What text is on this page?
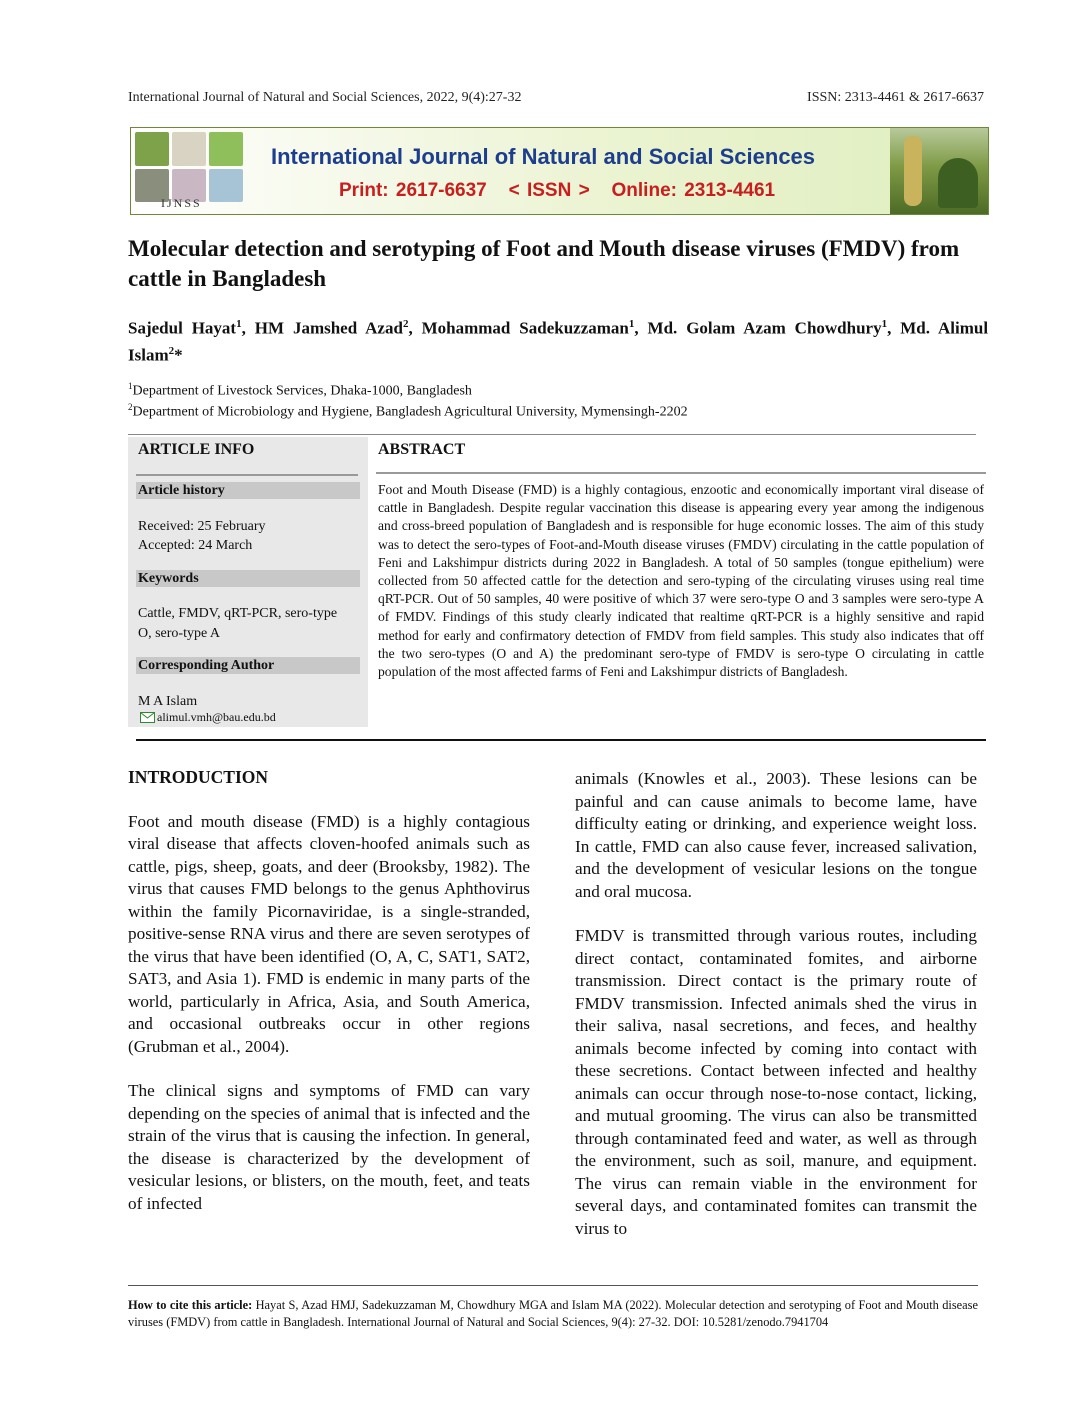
International Journal of Natural and Social Sciences, 2022, 9(4):27-32	ISSN: 2313-4461 & 2617-6637
IJNSS
International Journal of Natural and Social Sciences
Print: 2617-6637   < ISSN >   Online: 2313-4461
Molecular detection and serotyping of Foot and Mouth disease viruses (FMDV) from cattle in Bangladesh
Sajedul Hayat$^1$, HM Jamshed Azad$^2$, Mohammad Sadekuzzaman$^1$, Md. Golam Azam Chowdhury$^1$, Md. Alimul Islam$^2$*
$^1$Department of Livestock Services, Dhaka-1000, Bangladesh
$^2$Department of Microbiology and Hygiene, Bangladesh Agricultural University, Mymensingh-2202
ARTICLE INFO
Article history
Received: 25 February
Accepted: 24 March
Keywords
Cattle, FMDV, qRT-PCR, sero-type O, sero-type A
Corresponding Author
M A Islam
alimul.vmh@bau.edu.bd
ABSTRACT
Foot and Mouth Disease (FMD) is a highly contagious, enzootic and economically important viral disease of cattle in Bangladesh. Despite regular vaccination this disease is appearing every year among the indigenous and cross-breed population of Bangladesh and is responsible for huge economic losses. The aim of this study was to detect the sero-types of Foot-and-Mouth disease viruses (FMDV) circulating in the cattle population of Feni and Lakshimpur districts during 2022 in Bangladesh. A total of 50 samples (tongue epithelium) were collected from 50 affected cattle for the detection and sero-typing of the circulating viruses using real time qRT-PCR. Out of 50 samples, 40 were positive of which 37 were sero-type O and 3 samples were sero-type A of FMDV. Findings of this study clearly indicated that realtime qRT-PCR is a highly sensitive and rapid method for early and confirmatory detection of FMDV from field samples. This study also indicates that off the two sero-types (O and A) the predominant sero-type of FMDV is sero-type O circulating in cattle population of the most affected farms of Feni and Lakshimpur districts of Bangladesh.
INTRODUCTION

Foot and mouth disease (FMD) is a highly contagious viral disease that affects cloven-hoofed animals such as cattle, pigs, sheep, goats, and deer (Brooksby, 1982). The virus that causes FMD belongs to the genus Aphthovirus within the family Picornaviridae, is a single-stranded, positive-sense RNA virus and there are seven serotypes of the virus that have been identified (O, A, C, SAT1, SAT2, SAT3, and Asia 1). FMD is endemic in many parts of the world, particularly in Africa, Asia, and South America, and occasional outbreaks occur in other regions (Grubman et al., 2004).

The clinical signs and symptoms of FMD can vary depending on the species of animal that is infected and the strain of the virus that is causing the infection. In general, the disease is characterized by the development of vesicular lesions, or blisters, on the mouth, feet, and teats of infected

animals (Knowles et al., 2003). These lesions can be painful and can cause animals to become lame, have difficulty eating or drinking, and experience weight loss. In cattle, FMD can also cause fever, increased salivation, and the development of vesicular lesions on the tongue and oral mucosa.

FMDV is transmitted through various routes, including direct contact, contaminated fomites, and airborne transmission. Direct contact is the primary route of FMDV transmission. Infected animals shed the virus in their saliva, nasal secretions, and feces, and healthy animals become infected by coming into contact with these secretions. Contact between infected and healthy animals can occur through nose-to-nose contact, licking, and mutual grooming. The virus can also be transmitted through contaminated feed and water, as well as through the environment, such as soil, manure, and equipment. The virus can remain viable in the environment for several days, and contaminated fomites can transmit the virus to

How to cite this article: Hayat S, Azad HMJ, Sadekuzzaman M, Chowdhury MGA and Islam MA (2022). Molecular detection and serotyping of Foot and Mouth disease viruses (FMDV) from cattle in Bangladesh. International Journal of Natural and Social Sciences, 9(4): 27-32. DOI: 10.5281/zenodo.7941704
